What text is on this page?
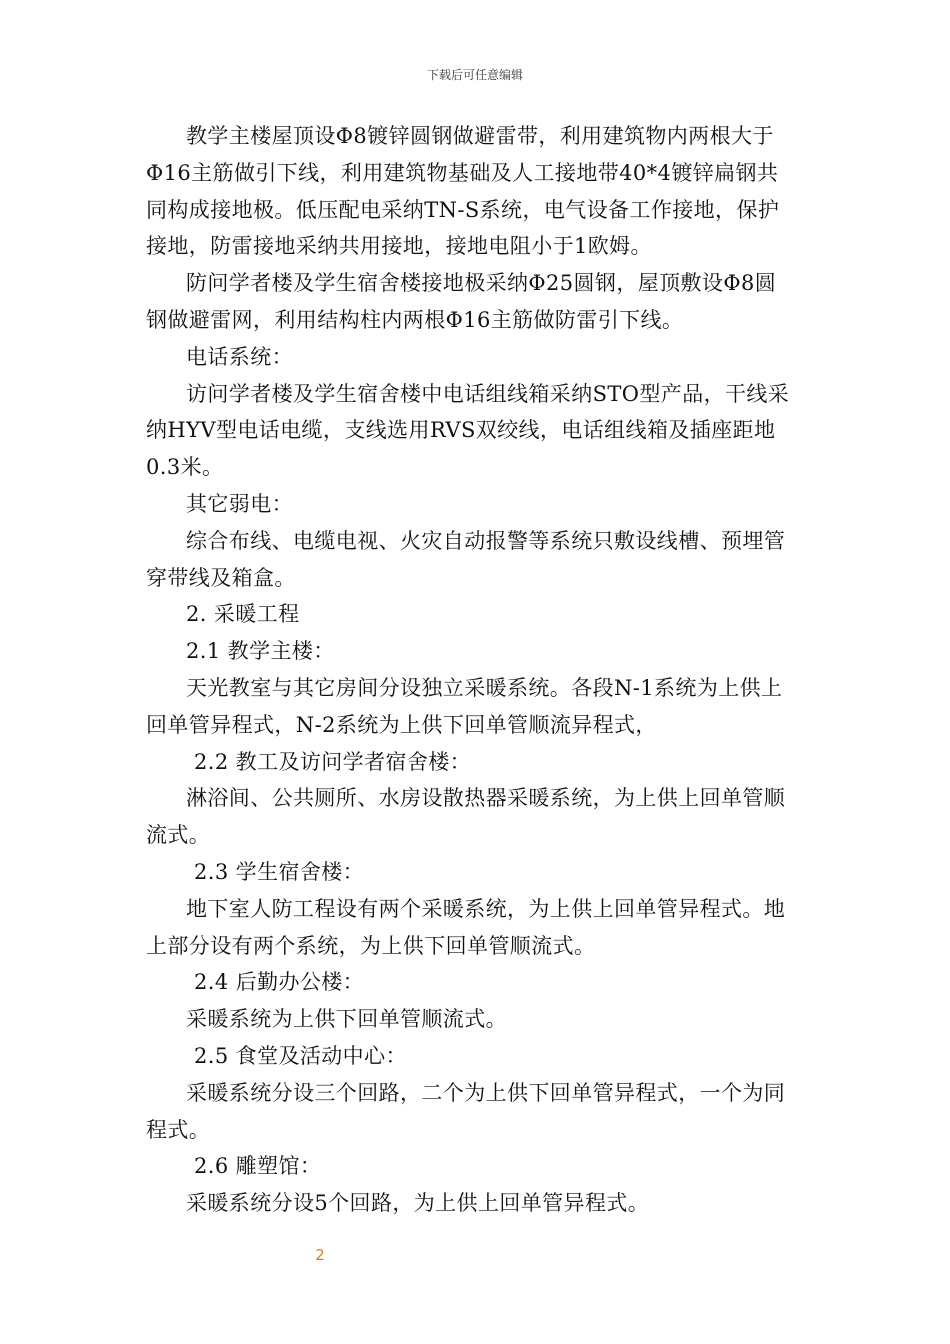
下载后可任意编辑

教学主楼屋顶设Φ8镀锌圆钢做避雷带，利用建筑物内两根大于Φ16主筋做引下线，利用建筑物基础及人工接地带40*4镀锌扁钢共同构成接地极。低压配电采纳TN-S系统，电气设备工作接地，保护接地，防雷接地采纳共用接地，接地电阻小于1欧姆。

防问学者楼及学生宿舍楼接地极采纳Φ25圆钢，屋顶敷设Φ8圆钢做避雷网，利用结构柱内两根Φ16主筋做防雷引下线。

电话系统：

访问学者楼及学生宿舍楼中电话组线箱采纳STO型产品，干线采纳HYV型电话电缆，支线选用RVS双绞线，电话组线箱及插座距地0.3米。

其它弱电：

综合布线、电缆电视、火灾自动报警等系统只敷设线槽、预埋管穿带线及箱盒。

2. 采暖工程

2.1 教学主楼：

天光教室与其它房间分设独立采暖系统。各段N-1系统为上供上回单管异程式，N-2系统为上供下回单管顺流异程式，

2.2 教工及访问学者宿舍楼：

淋浴间、公共厕所、水房设散热器采暖系统，为上供上回单管顺流式。

2.3 学生宿舍楼：

地下室人防工程设有两个采暖系统，为上供上回单管异程式。地上部分设有两个系统，为上供下回单管顺流式。

2.4 后勤办公楼：

采暖系统为上供下回单管顺流式。

2.5 食堂及活动中心：

采暖系统分设三个回路，二个为上供下回单管异程式，一个为同程式。

2.6 雕塑馆：

采暖系统分设5个回路，为上供上回单管异程式。

2
